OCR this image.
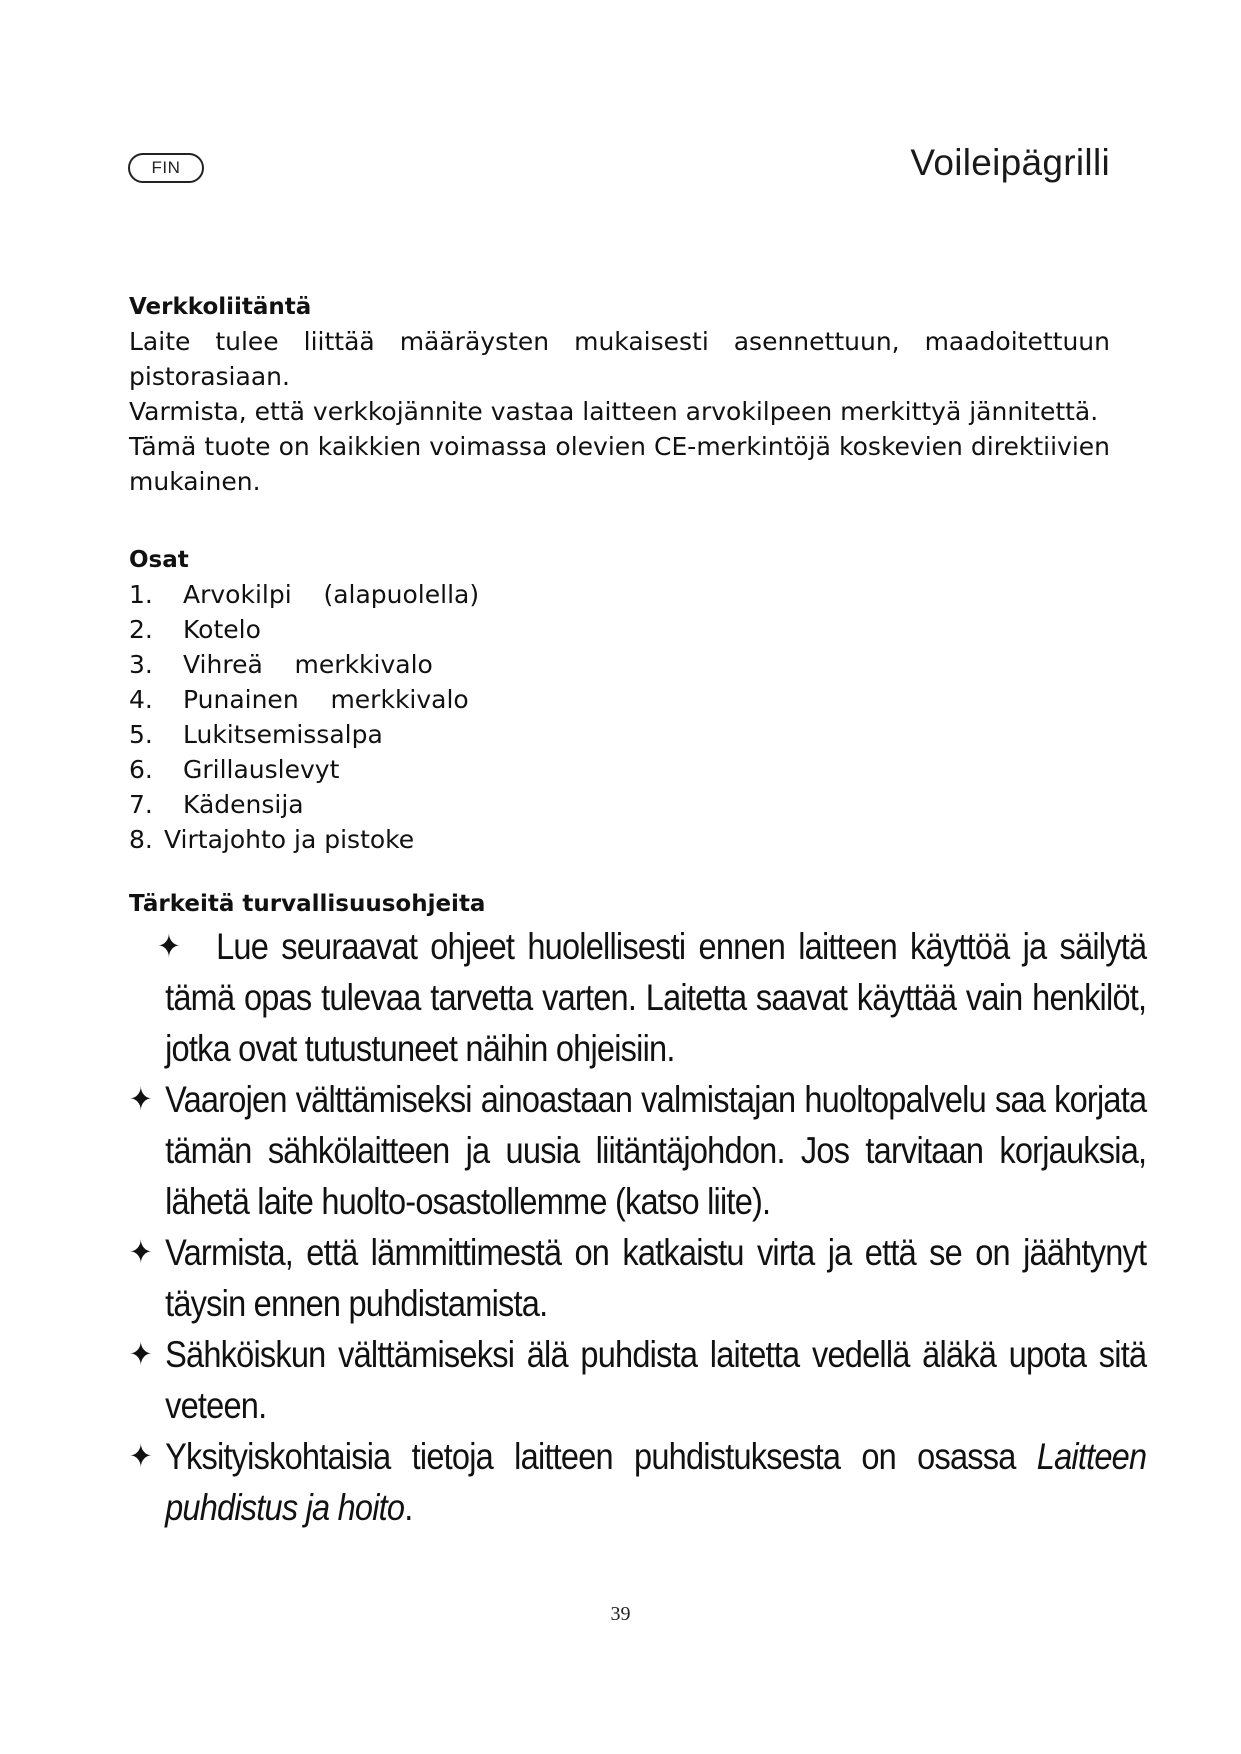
FIN	Voileipägrilli
Verkkoliitäntä

Laite tulee liittää määräysten mukaisesti asennettuun, maadoitettuun pistorasiaan.

Varmista, että verkkojännite vastaa laitteen arvokilpeen merkittyä jännitettä.

Tämä tuote on kaikkien voimassa olevien CE-merkintöjä koskevien direktiivien mukainen.

Osat
1.	Arvokilpi    (alapuolella)
2.	Kotelo
3.	Vihreä    merkkivalo
4.	Punainen    merkkivalo
5.	Lukitsemissalpa
6.	Grillauslevyt
7.	Kädensija
8. Virtajohto ja pistoke
Tärkeitä turvallisuusohjeita
✦ Lue seuraavat ohjeet huolellisesti ennen laitteen käyttöä ja säilytä tämä opas tulevaa tarvetta varten. Laitetta saavat käyttää vain henkilöt, jotka ovat tutustuneet näihin ohjeisiin.
✦ Vaarojen välttämiseksi ainoastaan valmistajan huoltopalvelu saa korjata tämän sähkölaitteen ja uusia liitäntäjohdon. Jos tarvitaan korjauksia, lähetä laite huolto-osastollemme (katso liite).
✦ Varmista, että lämmittimestä on katkaistu virta ja että se on jäähtynyt täysin ennen puhdistamista.
✦ Sähköiskun välttämiseksi älä puhdista laitetta vedellä äläkä upota sitä veteen.
✦ Yksityiskohtaisia tietoja laitteen puhdistuksesta on osassa Laitteen puhdistus ja hoito.
39
